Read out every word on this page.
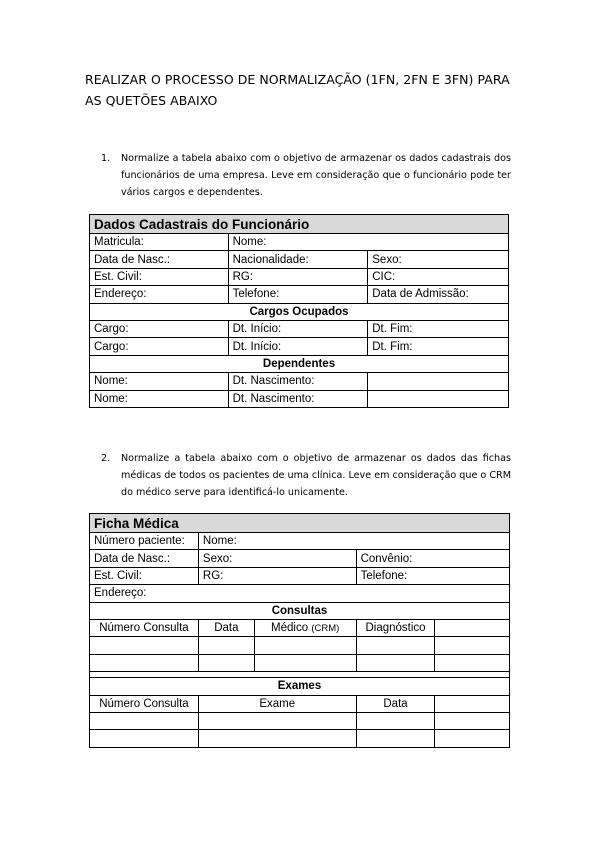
REALIZAR O PROCESSO DE NORMALIZAÇÃO (1FN, 2FN E 3FN) PARA AS QUETÕES ABAIXO
1. Normalize a tabela abaixo com o objetivo de armazenar os dados cadastrais dos funcionários de uma empresa. Leve em consideração que o funcionário pode ter vários cargos e dependentes.
Dados Cadastrais do Funcionário		
Matricula:	Nome:	
Data de Nasc.:	Nacionalidade:	Sexo:
Est. Civil:	RG:	CIC:
Endereço:	Telefone:	Data de Admissão:
Cargos Ocupados		
Cargo:	Dt. Início:	Dt. Fim:
Cargo:	Dt. Início:	Dt. Fim:
Dependentes		
Nome:	Dt. Nascimento:	
Nome:	Dt. Nascimento:	
2. Normalize a tabela abaixo com o objetivo de armazenar os dados das fichas médicas de todos os pacientes de uma clínica. Leve em consideração que o CRM do médico serve para identificá-lo unicamente.
Ficha Médica				
Número paciente:	Nome:			
Data de Nasc.:	Sexo:		Convênio:	
Est. Civil:	RG:		Telefone:	
Endereço:				
Consultas				
Número Consulta	Data	Médico (CRM)	Diagnóstico	

Exames				
Número Consulta	Exame		Data	
